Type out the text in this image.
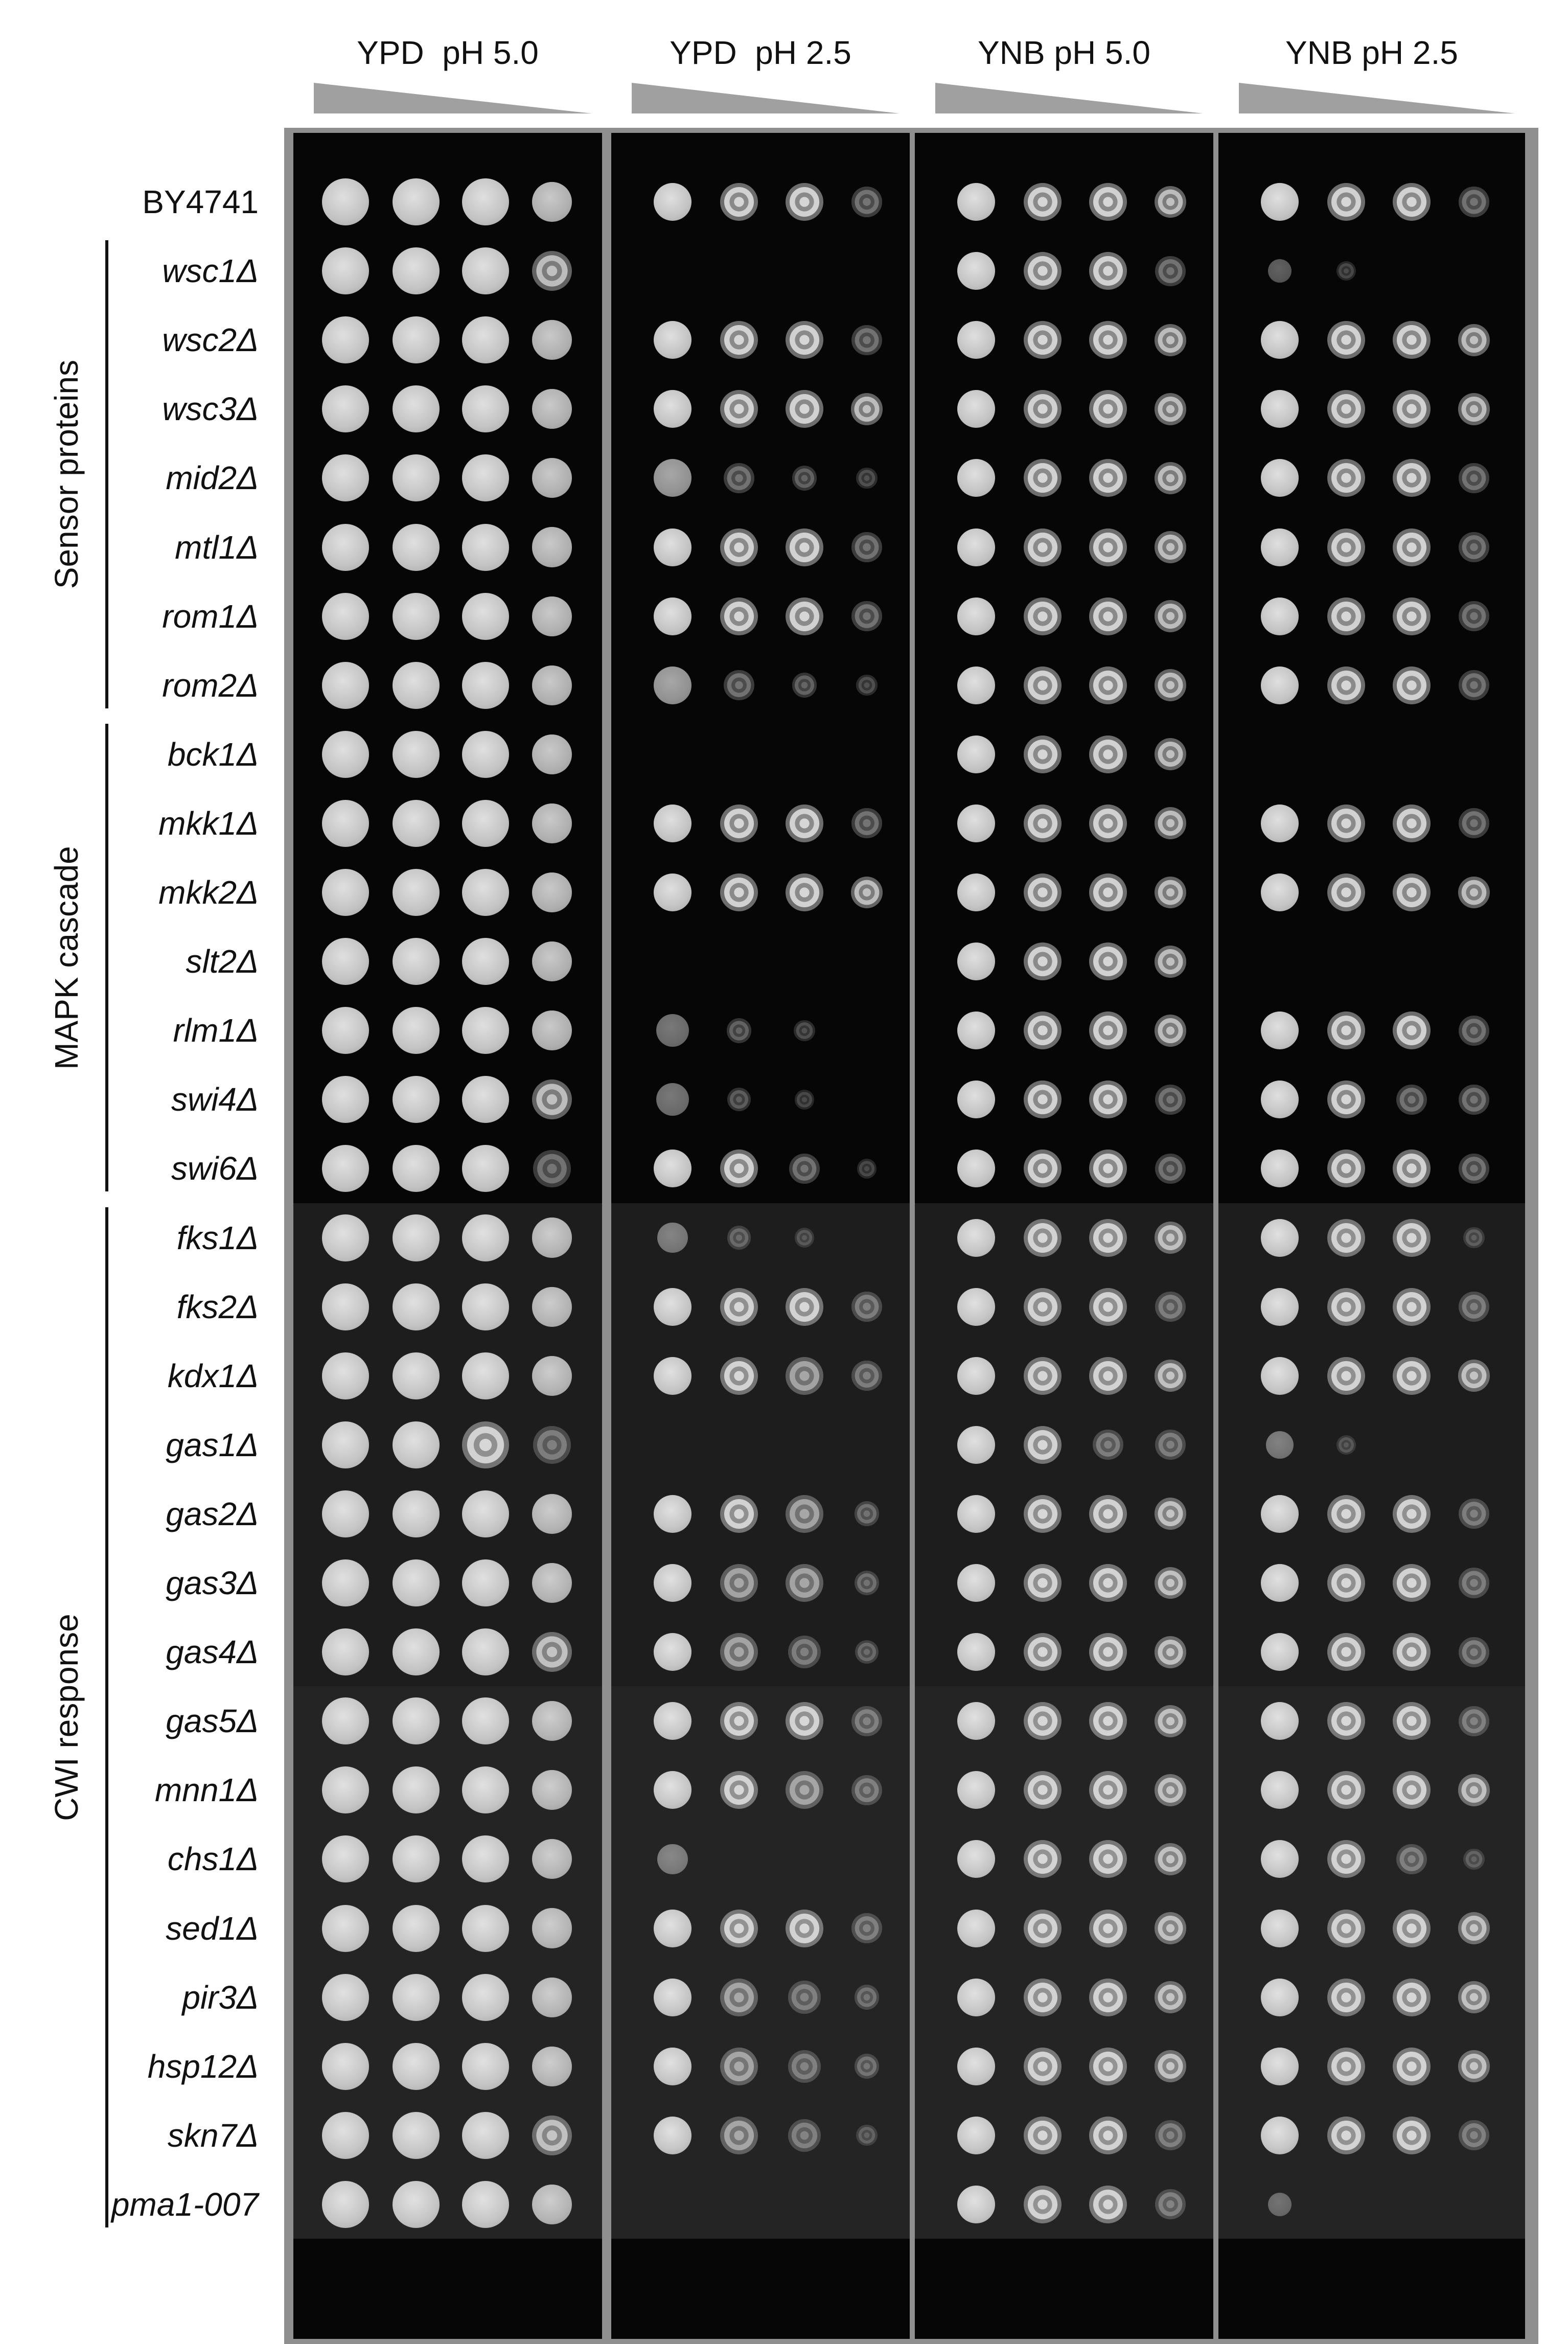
YPD  pH 5.0	YPD  pH 2.5	YNB pH 5.0	YNB pH 2.5
BY4741
wsc1Δ
wsc2Δ
wsc3Δ
mid2Δ
mtl1Δ
rom1Δ
rom2Δ
bck1Δ
mkk1Δ
mkk2Δ
slt2Δ
rlm1Δ
swi4Δ
swi6Δ
fks1Δ
fks2Δ
kdx1Δ
gas1Δ
gas2Δ
gas3Δ
gas4Δ
gas5Δ
mnn1Δ
chs1Δ
sed1Δ
pir3Δ
hsp12Δ
skn7Δ
pma1-007
Sensor proteins
MAPK cascade
CWI response
